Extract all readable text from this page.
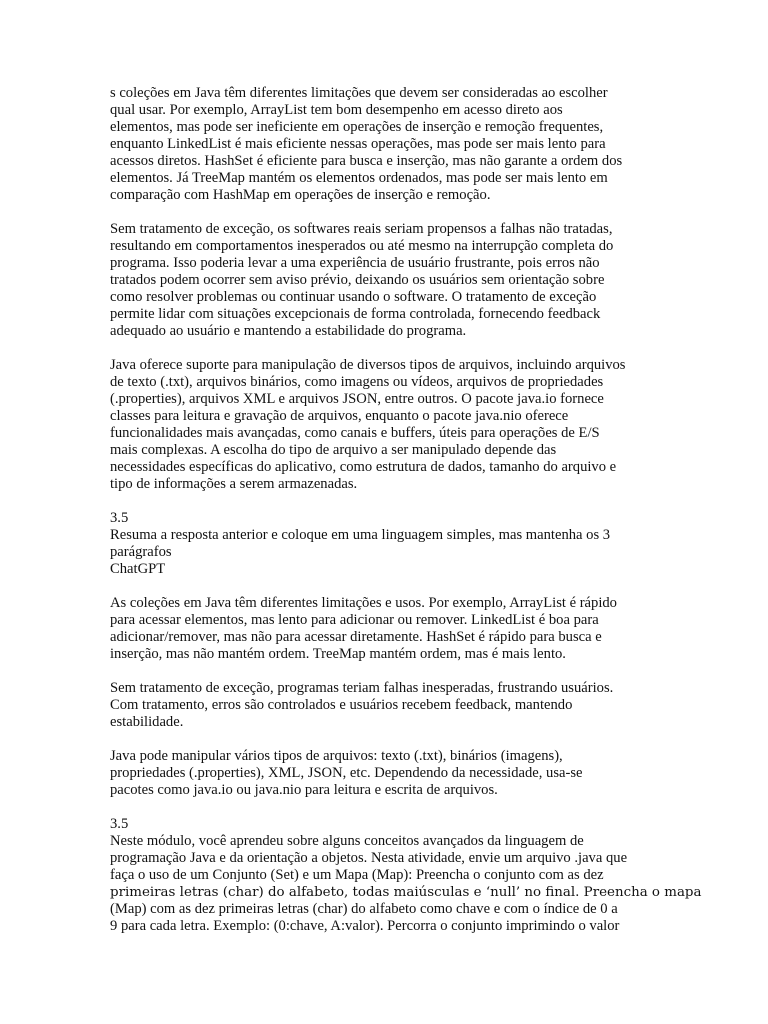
s coleções em Java têm diferentes limitações que devem ser consideradas ao escolher
qual usar. Por exemplo, ArrayList tem bom desempenho em acesso direto aos
elementos, mas pode ser ineficiente em operações de inserção e remoção frequentes,
enquanto LinkedList é mais eficiente nessas operações, mas pode ser mais lento para
acessos diretos. HashSet é eficiente para busca e inserção, mas não garante a ordem dos
elementos. Já TreeMap mantém os elementos ordenados, mas pode ser mais lento em
comparação com HashMap em operações de inserção e remoção.

Sem tratamento de exceção, os softwares reais seriam propensos a falhas não tratadas,
resultando em comportamentos inesperados ou até mesmo na interrupção completa do
programa. Isso poderia levar a uma experiência de usuário frustrante, pois erros não
tratados podem ocorrer sem aviso prévio, deixando os usuários sem orientação sobre
como resolver problemas ou continuar usando o software. O tratamento de exceção
permite lidar com situações excepcionais de forma controlada, fornecendo feedback
adequado ao usuário e mantendo a estabilidade do programa.

Java oferece suporte para manipulação de diversos tipos de arquivos, incluindo arquivos
de texto (.txt), arquivos binários, como imagens ou vídeos, arquivos de propriedades
(.properties), arquivos XML e arquivos JSON, entre outros. O pacote java.io fornece
classes para leitura e gravação de arquivos, enquanto o pacote java.nio oferece
funcionalidades mais avançadas, como canais e buffers, úteis para operações de E/S
mais complexas. A escolha do tipo de arquivo a ser manipulado depende das
necessidades específicas do aplicativo, como estrutura de dados, tamanho do arquivo e
tipo de informações a serem armazenadas.

3.5
Resuma a resposta anterior e coloque em uma linguagem simples, mas mantenha os 3
parágrafos
ChatGPT

As coleções em Java têm diferentes limitações e usos. Por exemplo, ArrayList é rápido
para acessar elementos, mas lento para adicionar ou remover. LinkedList é boa para
adicionar/remover, mas não para acessar diretamente. HashSet é rápido para busca e
inserção, mas não mantém ordem. TreeMap mantém ordem, mas é mais lento.

Sem tratamento de exceção, programas teriam falhas inesperadas, frustrando usuários.
Com tratamento, erros são controlados e usuários recebem feedback, mantendo
estabilidade.

Java pode manipular vários tipos de arquivos: texto (.txt), binários (imagens),
propriedades (.properties), XML, JSON, etc. Dependendo da necessidade, usa-se
pacotes como java.io ou java.nio para leitura e escrita de arquivos.

3.5
Neste módulo, você aprendeu sobre alguns conceitos avançados da linguagem de
programação Java e da orientação a objetos. Nesta atividade, envie um arquivo .java que
faça o uso de um Conjunto (Set) e um Mapa (Map): Preencha o conjunto com as dez
primeiras letras (char) do alfabeto, todas maiúsculas e ‘null’ no final. Preencha o mapa
(Map) com as dez primeiras letras (char) do alfabeto como chave e com o índice de 0 a
9 para cada letra. Exemplo: (0:chave, A:valor). Percorra o conjunto imprimindo o valor
